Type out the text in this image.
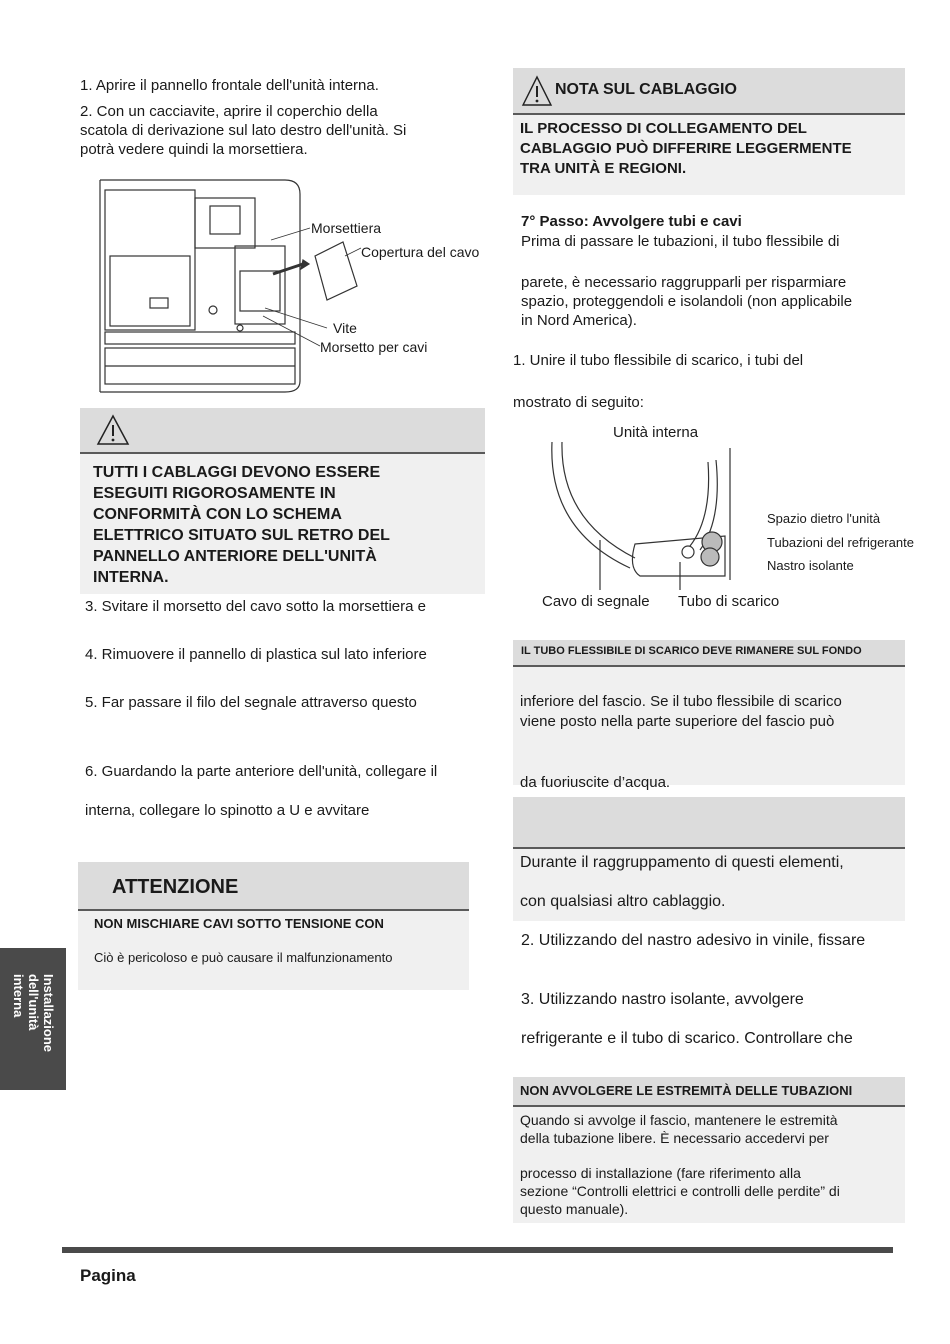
1. Aprire il pannello frontale dell'unità interna.

2. Con un cacciavite, aprire il coperchio della

scatola di derivazione sul lato destro dell'unità. Si

potrà vedere quindi la morsettiera.

Morsettiera
Copertura del cavo
Vite
Morsetto per cavi
TUTTI I CABLAGGI DEVONO ESSERE
ESEGUITI RIGOROSAMENTE IN
CONFORMITÀ CON LO SCHEMA
ELETTRICO SITUATO SUL RETRO DEL
PANNELLO ANTERIORE DELL'UNITÀ
INTERNA.

3. Svitare il morsetto del cavo sotto la morsettiera e

4. Rimuovere il pannello di plastica sul lato inferiore

5. Far passare il filo del segnale attraverso questo

6. Guardando la parte anteriore dell'unità, collegare il

interna, collegare lo spinotto a U e avvitare

ATTENZIONE
NON MISCHIARE CAVI SOTTO TENSIONE CON
Ciò è pericoloso e può causare il malfunzionamento
Installazione
dell'unità
interna
NOTA SUL CABLAGGIO
IL PROCESSO DI COLLEGAMENTO DEL
CABLAGGIO PUÒ DIFFERIRE LEGGERMENTE
TRA UNITÀ E REGIONI.

7° Passo: Avvolgere tubi e cavi

Prima di passare le tubazioni, il tubo flessibile di

parete, è necessario raggrupparli per risparmiare

spazio, proteggendoli e isolandoli (non applicabile

in Nord America).

1. Unire il tubo flessibile di scarico, i tubi del

mostrato di seguito:

Unità interna
Spazio dietro l'unità
Tubazioni del refrigerante
Nastro isolante
Cavo di segnale Tubo di scarico
IL TUBO FLESSIBILE DI SCARICO DEVE RIMANERE SUL FONDO

inferiore del fascio. Se il tubo flessibile di scarico

viene posto nella parte superiore del fascio può

da fuoriuscite d’acqua.

Durante il raggruppamento di questi elementi,

con qualsiasi altro cablaggio.

2. Utilizzando del nastro adesivo in vinile, fissare

3. Utilizzando nastro isolante, avvolgere

refrigerante e il tubo di scarico. Controllare che

NON AVVOLGERE LE ESTREMITÀ DELLE TUBAZIONI
Quando si avvolge il fascio, mantenere le estremità
della tubazione libere. È necessario accedervi per
processo di installazione (fare riferimento alla
sezione “Controlli elettrici e controlli delle perdite” di
questo manuale).
Pagina
